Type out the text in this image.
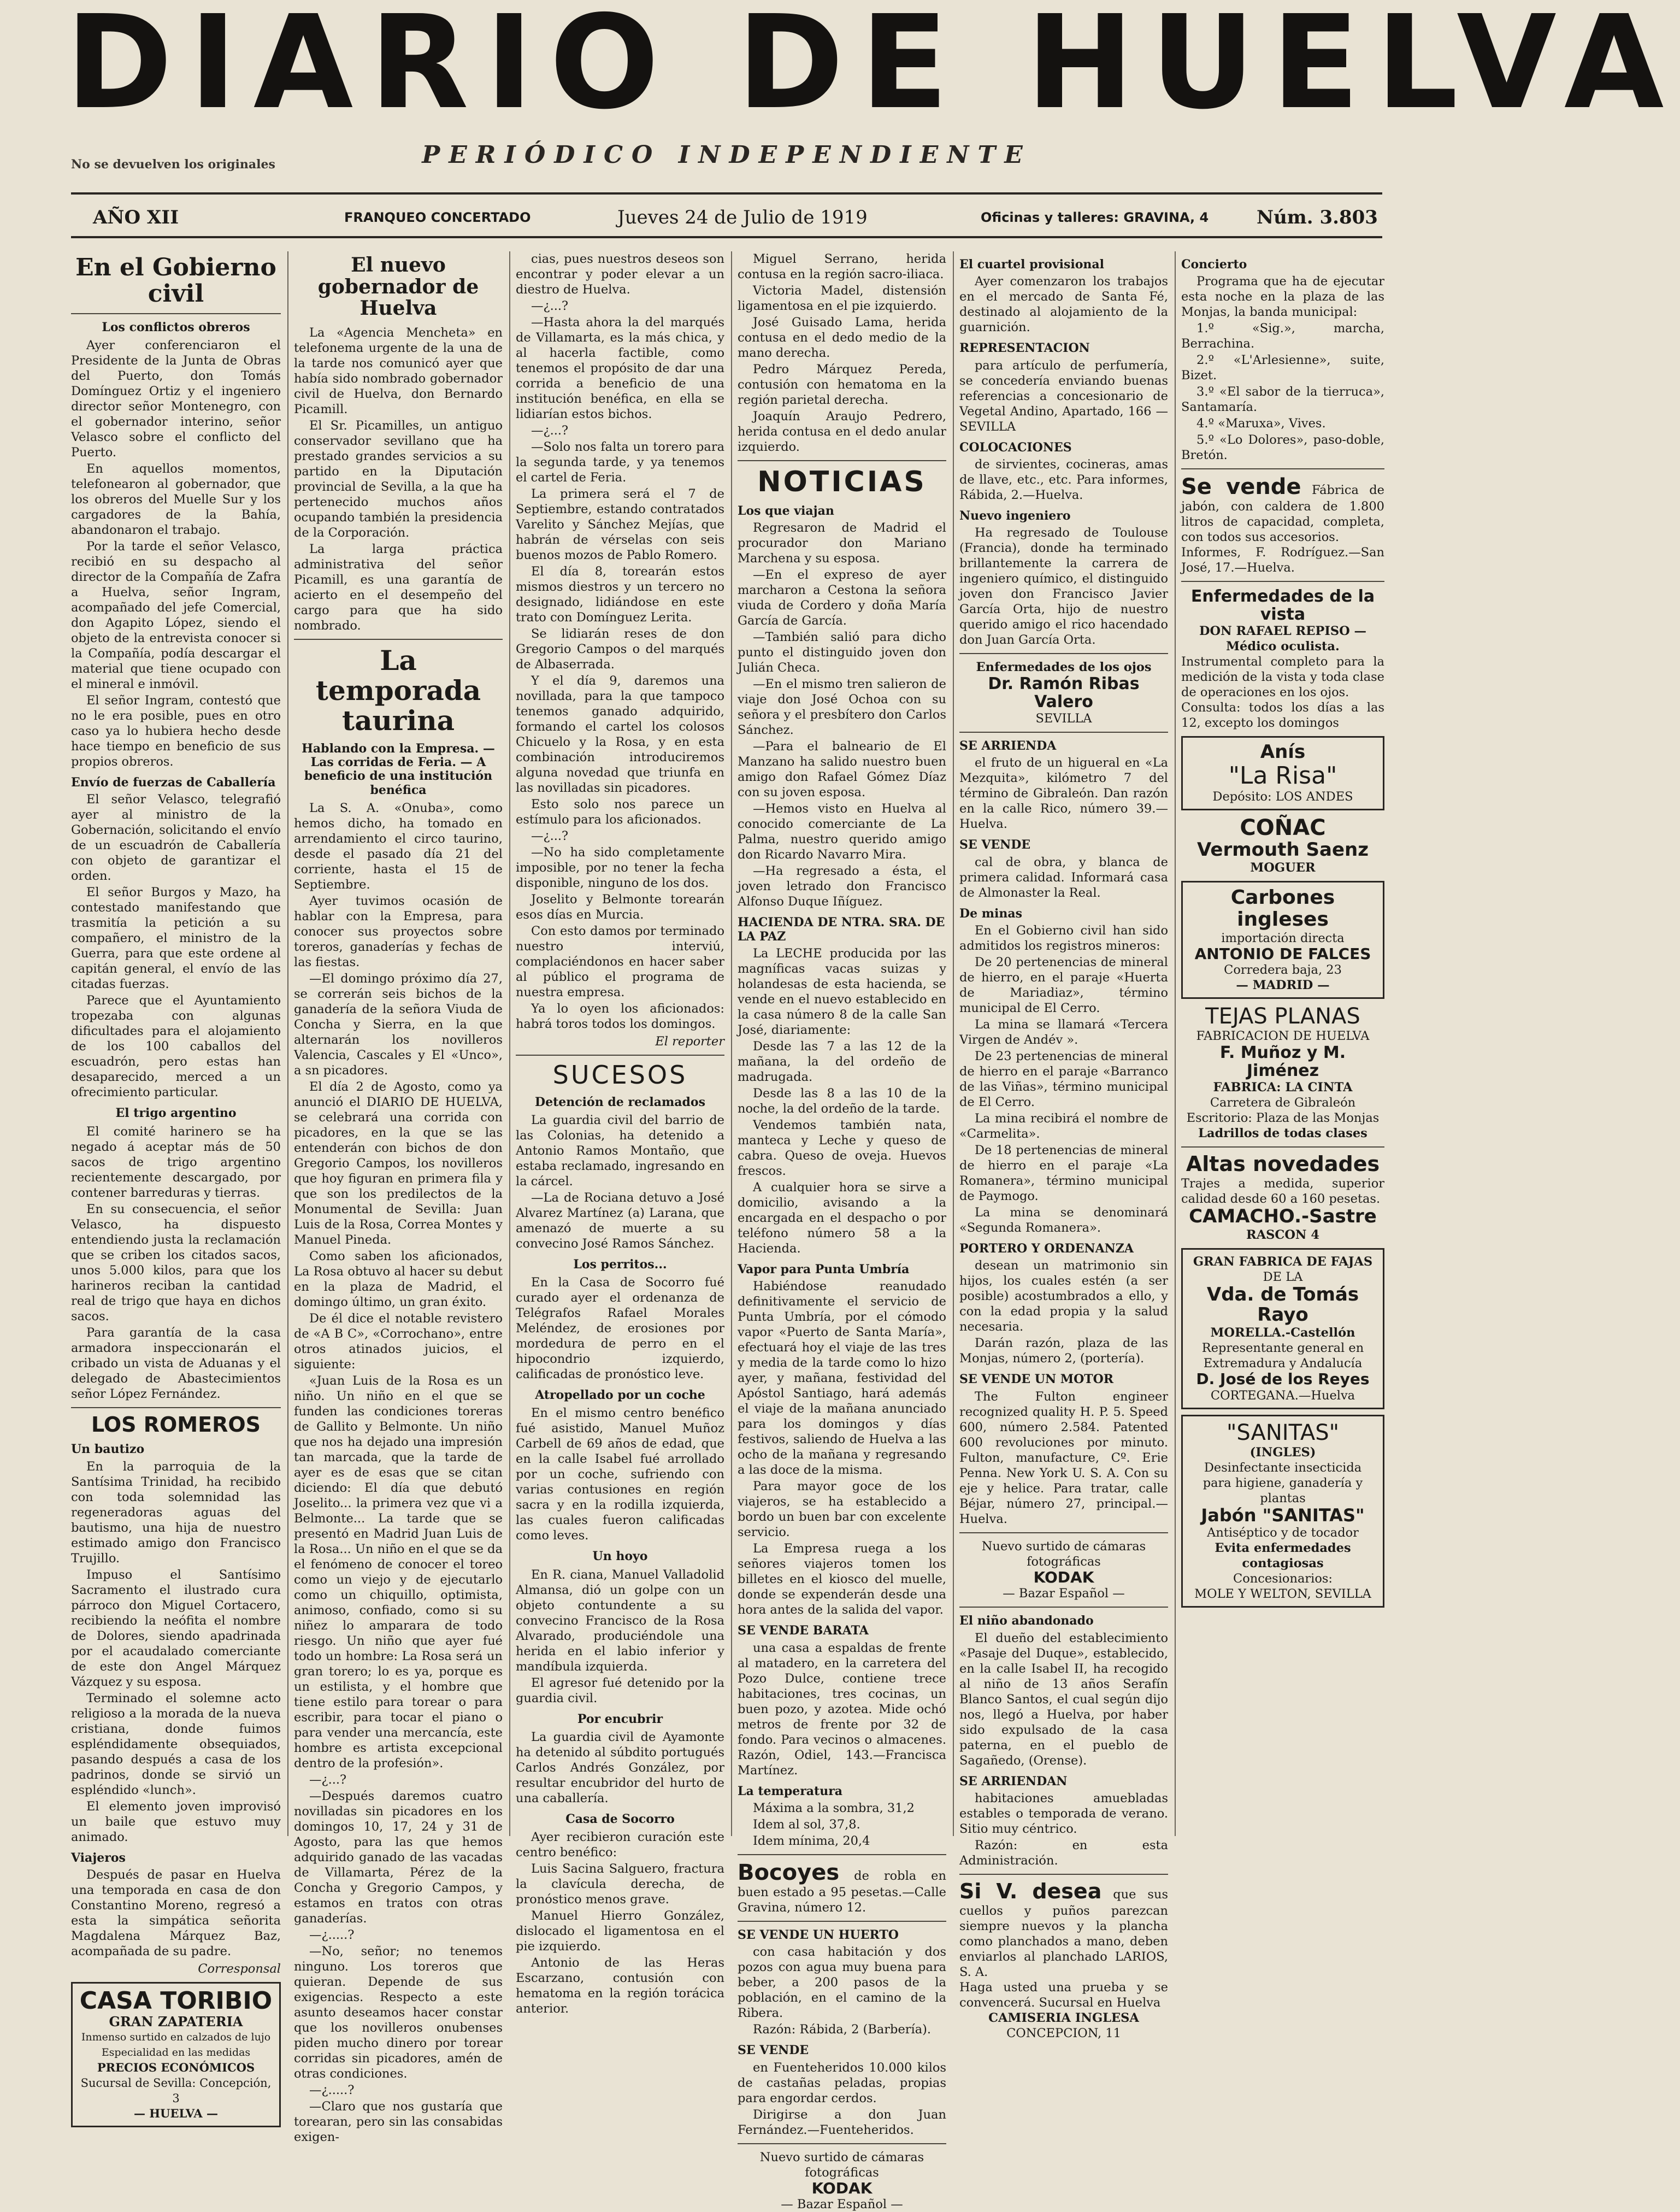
DIARIO DE HUELVA
No se devuelven los originales	PERIÓDICO INDEPENDIENTE
AÑO XII	FRANQUEO CONCERTADO	Jueves 24 de Julio de 1919	Oficinas y talleres: GRAVINA, 4	Núm. 3.803
En el Gobierno civil
Los conflictos obreros

Ayer conferenciaron el Presidente de la Junta de Obras del Puerto, don Tomás Domínguez Ortiz y el ingeniero director señor Montenegro, con el gobernador interino, señor Velasco sobre el conflicto del Puerto.

En aquellos momentos, telefonearon al gobernador, que los obreros del Muelle Sur y los cargadores de la Bahía, abandonaron el trabajo.

Por la tarde el señor Velasco, recibió en su despacho al director de la Compañía de Zafra a Huelva, señor Ingram, acompañado del jefe Comercial, don Agapito López, siendo el objeto de la entrevista conocer si la Compañía, podía descargar el material que tiene ocupado con el mineral e inmóvil.

El señor Ingram, contestó que no le era posible, pues en otro caso ya lo hubiera hecho desde hace tiempo en beneficio de sus propios obreros.

Envío de fuerzas de Caballería

El señor Velasco, telegrafió ayer al ministro de la Gobernación, solicitando el envío de un escuadrón de Caballería con objeto de garantizar el orden.

El señor Burgos y Mazo, ha contestado manifestando que trasmitía la petición a su compañero, el ministro de la Guerra, para que este ordene al capitán general, el envío de las citadas fuerzas.

Parece que el Ayuntamiento tropezaba con algunas dificultades para el alojamiento de los 100 caballos del escuadrón, pero estas han desaparecido, merced a un ofrecimiento particular.

El trigo argentino

El comité harinero se ha negado á aceptar más de 50 sacos de trigo argentino recientemente descargado, por contener barreduras y tierras.

En su consecuencia, el señor Velasco, ha dispuesto entendiendo justa la reclamación que se criben los citados sacos, unos 5.000 kilos, para que los harineros reciban la cantidad real de trigo que haya en dichos sacos.

Para garantía de la casa armadora inspeccionarán el cribado un vista de Aduanas y el delegado de Abastecimientos señor López Fernández.

LOS ROMEROS
Un bautizo

En la parroquia de la Santísima Trinidad, ha recibido con toda solemnidad las regeneradoras aguas del bautismo, una hija de nuestro estimado amigo don Francisco Trujillo.

Impuso el Santísimo Sacramento el ilustrado cura párroco don Miguel Cortacero, recibiendo la neófita el nombre de Dolores, siendo apadrinada por el acaudalado comerciante de este don Angel Márquez Vázquez y su esposa.

Terminado el solemne acto religioso a la morada de la nueva cristiana, donde fuimos espléndidamente obsequiados, pasando después a casa de los padrinos, donde se sirvió un espléndido «lunch».

El elemento joven improvisó un baile que estuvo muy animado.

Viajeros

Después de pasar en Huelva una temporada en casa de don Constantino Moreno, regresó a esta la simpática señorita Magdalena Márquez Baz, acompañada de su padre.

Corresponsal
CASA TORIBIO
GRAN ZAPATERIA
Inmenso surtido en calzados de lujo
Especialidad en las medidas
PRECIOS ECONÓMICOS
Sucursal de Sevilla: Concepción, 3
— HUELVA —
El nuevo gobernador de Huelva

La «Agencia Mencheta» en telefonema urgente de la una de la tarde nos comunicó ayer que había sido nombrado gobernador civil de Huelva, don Bernardo Picamill.

El Sr. Picamilles, un antiguo conservador sevillano que ha prestado grandes servicios a su partido en la Diputación provincial de Sevilla, a la que ha pertenecido muchos años ocupando también la presidencia de la Corporación.

La larga práctica administrativa del señor Picamill, es una garantía de acierto en el desempeño del cargo para que ha sido nombrado.

La temporada taurina
Hablando con la Empresa. — Las corridas de Feria. — A beneficio de una institución benéfica

La S. A. «Onuba», como hemos dicho, ha tomado en arrendamiento el circo taurino, desde el pasado día 21 del corriente, hasta el 15 de Septiembre.

Ayer tuvimos ocasión de hablar con la Empresa, para conocer sus proyectos sobre toreros, ganaderías y fechas de las fiestas.

—El domingo próximo día 27, se correrán seis bichos de la ganadería de la señora Viuda de Concha y Sierra, en la que alternarán los novilleros Valencia, Cascales y El «Unco», a sn picadores.

El día 2 de Agosto, como ya anunció el DIARIO DE HUELVA, se celebrará una corrida con picadores, en la que se las entenderán con bichos de don Gregorio Campos, los novilleros que hoy figuran en primera fila y que son los predilectos de la Monumental de Sevilla: Juan Luis de la Rosa, Correa Montes y Manuel Pineda.

Como saben los aficionados, La Rosa obtuvo al hacer su debut en la plaza de Madrid, el domingo último, un gran éxito.

De él dice el notable revistero de «A B C», «Corrochano», entre otros atinados juicios, el siguiente:

«Juan Luis de la Rosa es un niño. Un niño en el que se funden las condiciones toreras de Gallito y Belmonte. Un niño que nos ha dejado una impresión tan marcada, que la tarde de ayer es de esas que se citan diciendo: El día que debutó Joselito... la primera vez que vi a Belmonte... La tarde que se presentó en Madrid Juan Luis de la Rosa... Un niño en el que se da el fenómeno de conocer el toreo como un viejo y de ejecutarlo como un chiquillo, optimista, animoso, confiado, como si su niñez lo amparara de todo riesgo. Un niño que ayer fué todo un hombre: La Rosa será un gran torero; lo es ya, porque es un estilista, y el hombre que tiene estilo para torear o para escribir, para tocar el piano o para vender una mercancía, este hombre es artista excepcional dentro de la profesión».

—¿...?

—Después daremos cuatro novilladas sin picadores en los domingos 10, 17, 24 y 31 de Agosto, para las que hemos adquirido ganado de las vacadas de Villamarta, Pérez de la Concha y Gregorio Campos, y estamos en tratos con otras ganaderías.

—¿.....?

—No, señor; no tenemos ninguno. Los toreros que quieran. Depende de sus exigencias. Respecto a este asunto deseamos hacer constar que los novilleros onubenses piden mucho dinero por torear corridas sin picadores, amén de otras condiciones.

—¿.....?

—Claro que nos gustaría que torearan, pero sin las consabidas exigen-

cias, pues nuestros deseos son encontrar y poder elevar a un diestro de Huelva.

—¿...?

—Hasta ahora la del marqués de Villamarta, es la más chica, y al hacerla factible, como tenemos el propósito de dar una corrida a beneficio de una institución benéfica, en ella se lidiarían estos bichos.

—¿...?

—Solo nos falta un torero para la segunda tarde, y ya tenemos el cartel de Feria.

La primera será el 7 de Septiembre, estando contratados Varelito y Sánchez Mejías, que habrán de vérselas con seis buenos mozos de Pablo Romero.

El día 8, torearán estos mismos diestros y un tercero no designado, lidiándose en este trato con Domínguez Lerita.

Se lidiarán reses de don Gregorio Campos o del marqués de Albaserrada.

Y el día 9, daremos una novillada, para la que tampoco tenemos ganado adquirido, formando el cartel los colosos Chicuelo y la Rosa, y en esta combinación introduciremos alguna novedad que triunfa en las novilladas sin picadores.

Esto solo nos parece un estímulo para los aficionados.

—¿...?

—No ha sido completamente imposible, por no tener la fecha disponible, ninguno de los dos.

Joselito y Belmonte torearán esos días en Murcia.

Con esto damos por terminado nuestro interviú, complaciéndonos en hacer saber al público el programa de nuestra empresa.

Ya lo oyen los aficionados: habrá toros todos los domingos.

El reporter
SUCESOS
Detención de reclamados

La guardia civil del barrio de las Colonias, ha detenido a Antonio Ramos Montaño, que estaba reclamado, ingresando en la cárcel.

—La de Rociana detuvo a José Alvarez Martínez (a) Larana, que amenazó de muerte a su convecino José Ramos Sánchez.

Los perritos...

En la Casa de Socorro fué curado ayer el ordenanza de Telégrafos Rafael Morales Meléndez, de erosiones por mordedura de perro en el hipocondrio izquierdo, calificadas de pronóstico leve.

Atropellado por un coche

En el mismo centro benéfico fué asistido, Manuel Muñoz Carbell de 69 años de edad, que en la calle Isabel fué arrollado por un coche, sufriendo con varias contusiones en región sacra y en la rodilla izquierda, las cuales fueron calificadas como leves.

Un hoyo

En R. ciana, Manuel Valladolid Almansa, dió un golpe con un objeto contundente a su convecino Francisco de la Rosa Alvarado, produciéndole una herida en el labio inferior y mandíbula izquierda.

El agresor fué detenido por la guardia civil.

Por encubrir

La guardia civil de Ayamonte ha detenido al súbdito portugués Carlos Andrés González, por resultar encubridor del hurto de una caballería.

Casa de Socorro

Ayer recibieron curación este centro benéfico:

Luis Sacina Salguero, fractura la clavícula derecha, de pronóstico menos grave.

Manuel Hierro González, dislocado el ligamentosa en el pie izquierdo.

Antonio de las Heras Escarzano, contusión con hematoma en la región torácica anterior.

Miguel Serrano, herida contusa en la región sacro-iliaca.

Victoria Madel, distensión ligamentosa en el pie izquierdo.

José Guisado Lama, herida contusa en el dedo medio de la mano derecha.

Pedro Márquez Pereda, contusión con hematoma en la región parietal derecha.

Joaquín Araujo Pedrero, herida contusa en el dedo anular izquierdo.

NOTICIAS
Los que viajan

Regresaron de Madrid el procurador don Mariano Marchena y su esposa.

—En el expreso de ayer marcharon a Cestona la señora viuda de Cordero y doña María García de García.

—También salió para dicho punto el distinguido joven don Julián Checa.

—En el mismo tren salieron de viaje don José Ochoa con su señora y el presbítero don Carlos Sánchez.

—Para el balneario de El Manzano ha salido nuestro buen amigo don Rafael Gómez Díaz con su joven esposa.

—Hemos visto en Huelva al conocido comerciante de La Palma, nuestro querido amigo don Ricardo Navarro Mira.

—Ha regresado a ésta, el joven letrado don Francisco Alfonso Duque Iñíguez.

HACIENDA DE NTRA. SRA. DE LA PAZ

La LECHE producida por las magníficas vacas suizas y holandesas de esta hacienda, se vende en el nuevo establecido en la casa número 8 de la calle San José, diariamente:

Desde las 7 a las 12 de la mañana, la del ordeño de madrugada.

Desde las 8 a las 10 de la noche, la del ordeño de la tarde.

Vendemos también nata, manteca y Leche y queso de cabra. Queso de oveja. Huevos frescos.

A cualquier hora se sirve a domicilio, avisando a la encargada en el despacho o por teléfono número 58 a la Hacienda.

Vapor para Punta Umbría

Habiéndose reanudado definitivamente el servicio de Punta Umbría, por el cómodo vapor «Puerto de Santa María», efectuará hoy el viaje de las tres y media de la tarde como lo hizo ayer, y mañana, festividad del Apóstol Santiago, hará además el viaje de la mañana anunciado para los domingos y días festivos, saliendo de Huelva a las ocho de la mañana y regresando a las doce de la misma.

Para mayor goce de los viajeros, se ha establecido a bordo un buen bar con excelente servicio.

La Empresa ruega a los señores viajeros tomen los billetes en el kiosco del muelle, donde se expenderán desde una hora antes de la salida del vapor.

SE VENDE BARATA

una casa a espaldas de frente al matadero, en la carretera del Pozo Dulce, contiene trece habitaciones, tres cocinas, un buen pozo, y azotea. Mide ochó metros de frente por 32 de fondo. Para vecinos o almacenes. Razón, Odiel, 143.—Francisca Martínez.

La temperatura

Máxima a la sombra, 31,2

Idem al sol, 37,8.

Idem mínima, 20,4

Bocoyes de robla en buen estado a 95 pesetas.—Calle Gravina, número 12.
SE VENDE UN HUERTO

con casa habitación y dos pozos con agua muy buena para beber, a 200 pasos de la población, en el camino de la Ribera.

Razón: Rábida, 2 (Barbería).

SE VENDE

en Fuenteheridos 10.000 kilos de castañas peladas, propias para engordar cerdos.

Dirigirse a don Juan Fernández.—Fuenteheridos.

Nuevo surtido de cámaras fotográficas
KODAK
— Bazar Español —
El cuartel provisional

Ayer comenzaron los trabajos en el mercado de Santa Fé, destinado al alojamiento de la guarnición.

REPRESENTACION

para artículo de perfumería, se concedería enviando buenas referencias a concesionario de Vegetal Andino, Apartado, 166 — SEVILLA

COLOCACIONES

de sirvientes, cocineras, amas de llave, etc., etc. Para informes, Rábida, 2.—Huelva.

Nuevo ingeniero

Ha regresado de Toulouse (Francia), donde ha terminado brillantemente la carrera de ingeniero químico, el distinguido joven don Francisco Javier García Orta, hijo de nuestro querido amigo el rico hacendado don Juan García Orta.

Enfermedades de los ojos
Dr. Ramón Ribas Valero
SEVILLA
SE ARRIENDA

el fruto de un higueral en «La Mezquita», kilómetro 7 del término de Gibraleón. Dan razón en la calle Rico, número 39.—Huelva.

SE VENDE

cal de obra, y blanca de primera calidad. Informará casa de Almonaster la Real.

De minas

En el Gobierno civil han sido admitidos los registros mineros:

De 20 pertenencias de mineral de hierro, en el paraje «Huerta de Mariadiaz», término municipal de El Cerro.

La mina se llamará «Tercera Virgen de Andév ».

De 23 pertenencias de mineral de hierro en el paraje «Barranco de las Viñas», término municipal de El Cerro.

La mina recibirá el nombre de «Carmelita».

De 18 pertenencias de mineral de hierro en el paraje «La Romanera», término municipal de Paymogo.

La mina se denominará «Segunda Romanera».

PORTERO Y ORDENANZA

desean un matrimonio sin hijos, los cuales estén (a ser posible) acostumbrados a ello, y con la edad propia y la salud necesaria.

Darán razón, plaza de las Monjas, número 2, (portería).

SE VENDE UN MOTOR

The Fulton engineer recognized quality H. P. 5. Speed 600, número 2.584. Patented 600 revoluciones por minuto. Fulton, manufacture, Cº. Erie Penna. New York U. S. A. Con su eje y helice. Para tratar, calle Béjar, número 27, principal.—Huelva.

Nuevo surtido de cámaras fotográficas
KODAK
— Bazar Español —
El niño abandonado

El dueño del establecimiento «Pasaje del Duque», establecido, en la calle Isabel II, ha recogido al niño de 13 años Serafín Blanco Santos, el cual según dijo nos, llegó a Huelva, por haber sido expulsado de la casa paterna, en el pueblo de Sagañedo, (Orense).

SE ARRIENDAN

habitaciones amuebladas estables o temporada de verano. Sitio muy céntrico.

Razón: en esta Administración.

Si V. desea que sus cuellos y puños parezcan siempre nuevos y la plancha como planchados a mano, deben enviarlos al planchado LARIOS, S. A.
Haga usted una prueba y se convencerá. Sucursal en Huelva
CAMISERIA INGLESA
CONCEPCION, 11
Concierto

Programa que ha de ejecutar esta noche en la plaza de las Monjas, la banda municipal:

1.º «Sig.», marcha, Berrachina.

2.º «L'Arlesienne», suite, Bizet.

3.º «El sabor de la tierruca», Santamaría.

4.º «Maruxa», Vives.

5.º «Lo Dolores», paso-doble, Bretón.

Se vende Fábrica de jabón, con caldera de 1.800 litros de capacidad, completa, con todos sus accesorios.
Informes, F. Rodríguez.—San José, 17.—Huelva.
Enfermedades de la vista
DON RAFAEL REPISO —Médico oculista.
Instrumental completo para la medición de la vista y toda clase de operaciones en los ojos.
Consulta: todos los días a las 12, excepto los domingos
Anís
"La Risa"
Depósito: LOS ANDES
COÑAC
Vermouth Saenz
MOGUER
Carbones ingleses
importación directa
ANTONIO DE FALCES
Corredera baja, 23
— MADRID —
TEJAS PLANAS
FABRICACION DE HUELVA
F. Muñoz y M. Jiménez
FABRICA: LA CINTA
Carretera de Gibraleón
Escritorio: Plaza de las Monjas
Ladrillos de todas clases
Altas novedades
Trajes a medida, superior calidad desde 60 a 160 pesetas.
CAMACHO.-Sastre
RASCON 4
GRAN FABRICA DE FAJAS
DE LA
Vda. de Tomás Rayo
MORELLA.-Castellón
Representante general en Extremadura y Andalucía
D. José de los Reyes
CORTEGANA.—Huelva
"SANITAS"
(INGLES)
Desinfectante insecticida para higiene, ganadería y plantas
Jabón "SANITAS"
Antiséptico y de tocador
Evita enfermedades contagiosas
Concesionarios:
MOLE Y WELTON, SEVILLA
